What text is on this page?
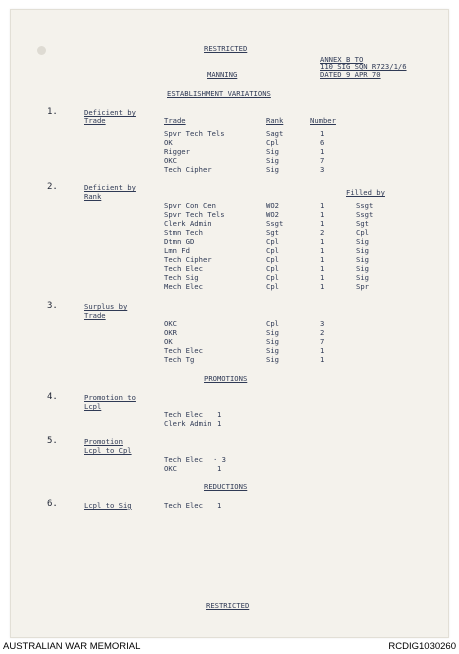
RESTRICTED
ANNEX B TO
110 SIG SQN R723/1/6
DATED 9 APR 70
MANNING
ESTABLISHMENT VARIATIONS
1.	Deficient by
Trade	Trade	Rank	Number
Spvr Tech Tels	Sagt	1
OK	Cpl	6
Rigger	Sig	1
OKC	Sig	7
Tech Cipher	Sig	3
2.	Deficient by
Rank	Filled by
Spvr Con Cen	WO2	1	Ssgt
Spvr Tech Tels	WO2	1	Ssgt
Clerk Admin	Ssgt	1	Sgt
Stmn Tech	Sgt	2	Cpl
Dtmn GD	Cpl	1	Sig
Lmn Fd	Cpl	1	Sig
Tech Cipher	Cpl	1	Sig
Tech Elec	Cpl	1	Sig
Tech Sig	Cpl	1	Sig
Mech Elec	Cpl	1	Spr
3.	Surplus by
Trade
OKC	Cpl	3
OKR	Sig	2
OK	Sig	7
Tech Elec	Sig	1
Tech Tg	Sig	1
PROMOTIONS
4.	Promotion to
Lcpl
Tech Elec 1
Clerk Admin 1
5.	Promotion
Lcpl to Cpl
Tech Elec · 3
OKC	1
REDUCTIONS
6.	Lcpl to Sig	Tech Elec 1
RESTRICTED
AUSTRALIAN WAR MEMORIAL	RCDIG1030260
